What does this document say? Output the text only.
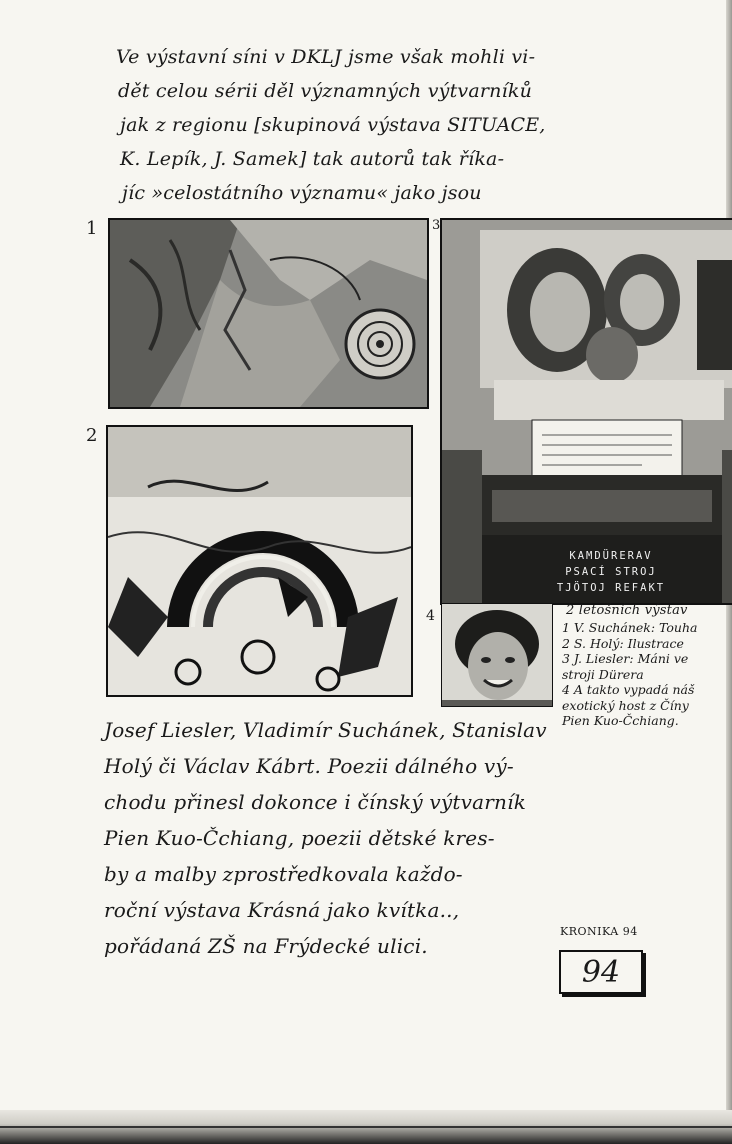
Ve výstavní síni v DKLJ jsme však mohli vi-
dět celou sérii děl významných výtvarníků
jak z regionu [skupinová výstava SITUACE,
K. Lepík, J. Samek] tak autorů tak říka-
jíc »celostátního významu« jako jsou
1
2
3
4
KAMDÜRERAV
PSACÍ STROJ
TJÖTOJ REFAKT
2 letošních výstav
1 V. Suchánek: Touha
2 S. Holý: Ilustrace
3 J. Liesler: Máni ve
stroji Dürera
4 A takto vypadá náš
exotický host z Číny
Pien Kuo-Čchiang.
Josef Liesler, Vladimír Suchánek, Stanislav
Holý či Václav Kábrt. Poezii dálného vý-
chodu přinesl dokonce i čínský výtvarník
Pien Kuo-Čchiang, poezii dětské kres-
by a malby zprostředkovala každo-
roční výstava Krásná jako kvítka..,
pořádaná ZŠ na Frýdecké ulici.
KRONIKA 94
94
